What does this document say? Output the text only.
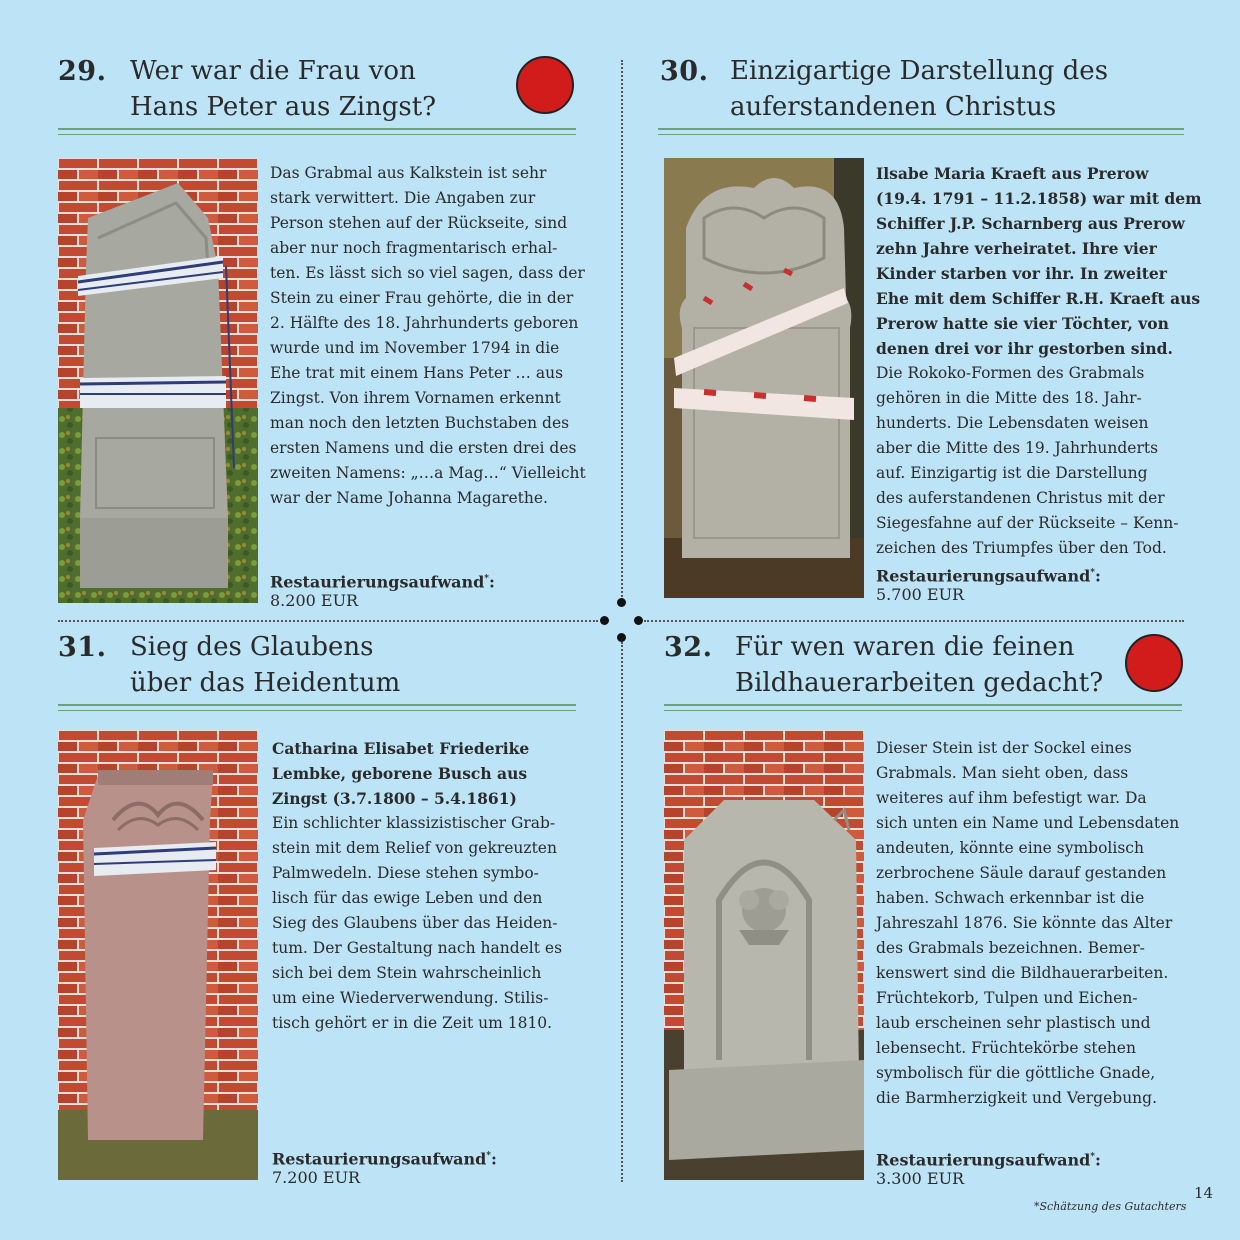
29. Wer war die Frau von
Hans Peter aus Zingst?
Das Grabmal aus Kalkstein ist sehr
stark verwittert. Die Angaben zur
Person stehen auf der Rückseite, sind
aber nur noch fragmentarisch erhal-
ten. Es lässt sich so viel sagen, dass der
Stein zu einer Frau gehörte, die in der
2. Hälfte des 18. Jahrhunderts geboren
wurde und im November 1794 in die
Ehe trat mit einem Hans Peter … aus
Zingst. Von ihrem Vornamen erkennt
man noch den letzten Buchstaben des
ersten Namens und die ersten drei des
zweiten Namens: „…a Mag…“ Vielleicht
war der Name Johanna Magarethe.
Restaurierungsaufwand*:
8.200 EUR
30. Einzigartige Darstellung des
auferstandenen Christus
Ilsabe Maria Kraeft aus Prerow
(19.4. 1791 – 11.2.1858) war mit dem
Schiffer J.P. Scharnberg aus Prerow
zehn Jahre verheiratet. Ihre vier
Kinder starben vor ihr. In zweiter
Ehe mit dem Schiffer R.H. Kraeft aus
Prerow hatte sie vier Töchter, von
denen drei vor ihr gestorben sind.
Die Rokoko-Formen des Grabmals
gehören in die Mitte des 18. Jahr-
hunderts. Die Lebensdaten weisen
aber die Mitte des 19. Jahrhunderts
auf. Einzigartig ist die Darstellung
des auferstandenen Christus mit der
Siegesfahne auf der Rückseite – Kenn-
zeichen des Triumpfes über den Tod.
Restaurierungsaufwand*:
5.700 EUR
31. Sieg des Glaubens
über das Heidentum
Catharina Elisabet Friederike
Lembke, geborene Busch aus
Zingst (3.7.1800 – 5.4.1861)
Ein schlichter klassizistischer Grab-
stein mit dem Relief von gekreuzten
Palmwedeln. Diese stehen symbo-
lisch für das ewige Leben und den
Sieg des Glaubens über das Heiden-
tum. Der Gestaltung nach handelt es
sich bei dem Stein wahrscheinlich
um eine Wiederverwendung. Stilis-
tisch gehört er in die Zeit um 1810.
Restaurierungsaufwand*:
7.200 EUR
32. Für wen waren die feinen
Bildhauerarbeiten gedacht?
Dieser Stein ist der Sockel eines
Grabmals. Man sieht oben, dass
weiteres auf ihm befestigt war. Da
sich unten ein Name und Lebensdaten
andeuten, könnte eine symbolisch
zerbrochene Säule darauf gestanden
haben. Schwach erkennbar ist die
Jahreszahl 1876. Sie könnte das Alter
des Grabmals bezeichnen. Bemer-
kenswert sind die Bildhauerarbeiten.
Früchtekorb, Tulpen und Eichen-
laub erscheinen sehr plastisch und
lebensecht. Früchtekörbe stehen
symbolisch für die göttliche Gnade,
die Barmherzigkeit und Vergebung.
Restaurierungsaufwand*:
3.300 EUR
14
*Schätzung des Gutachters
